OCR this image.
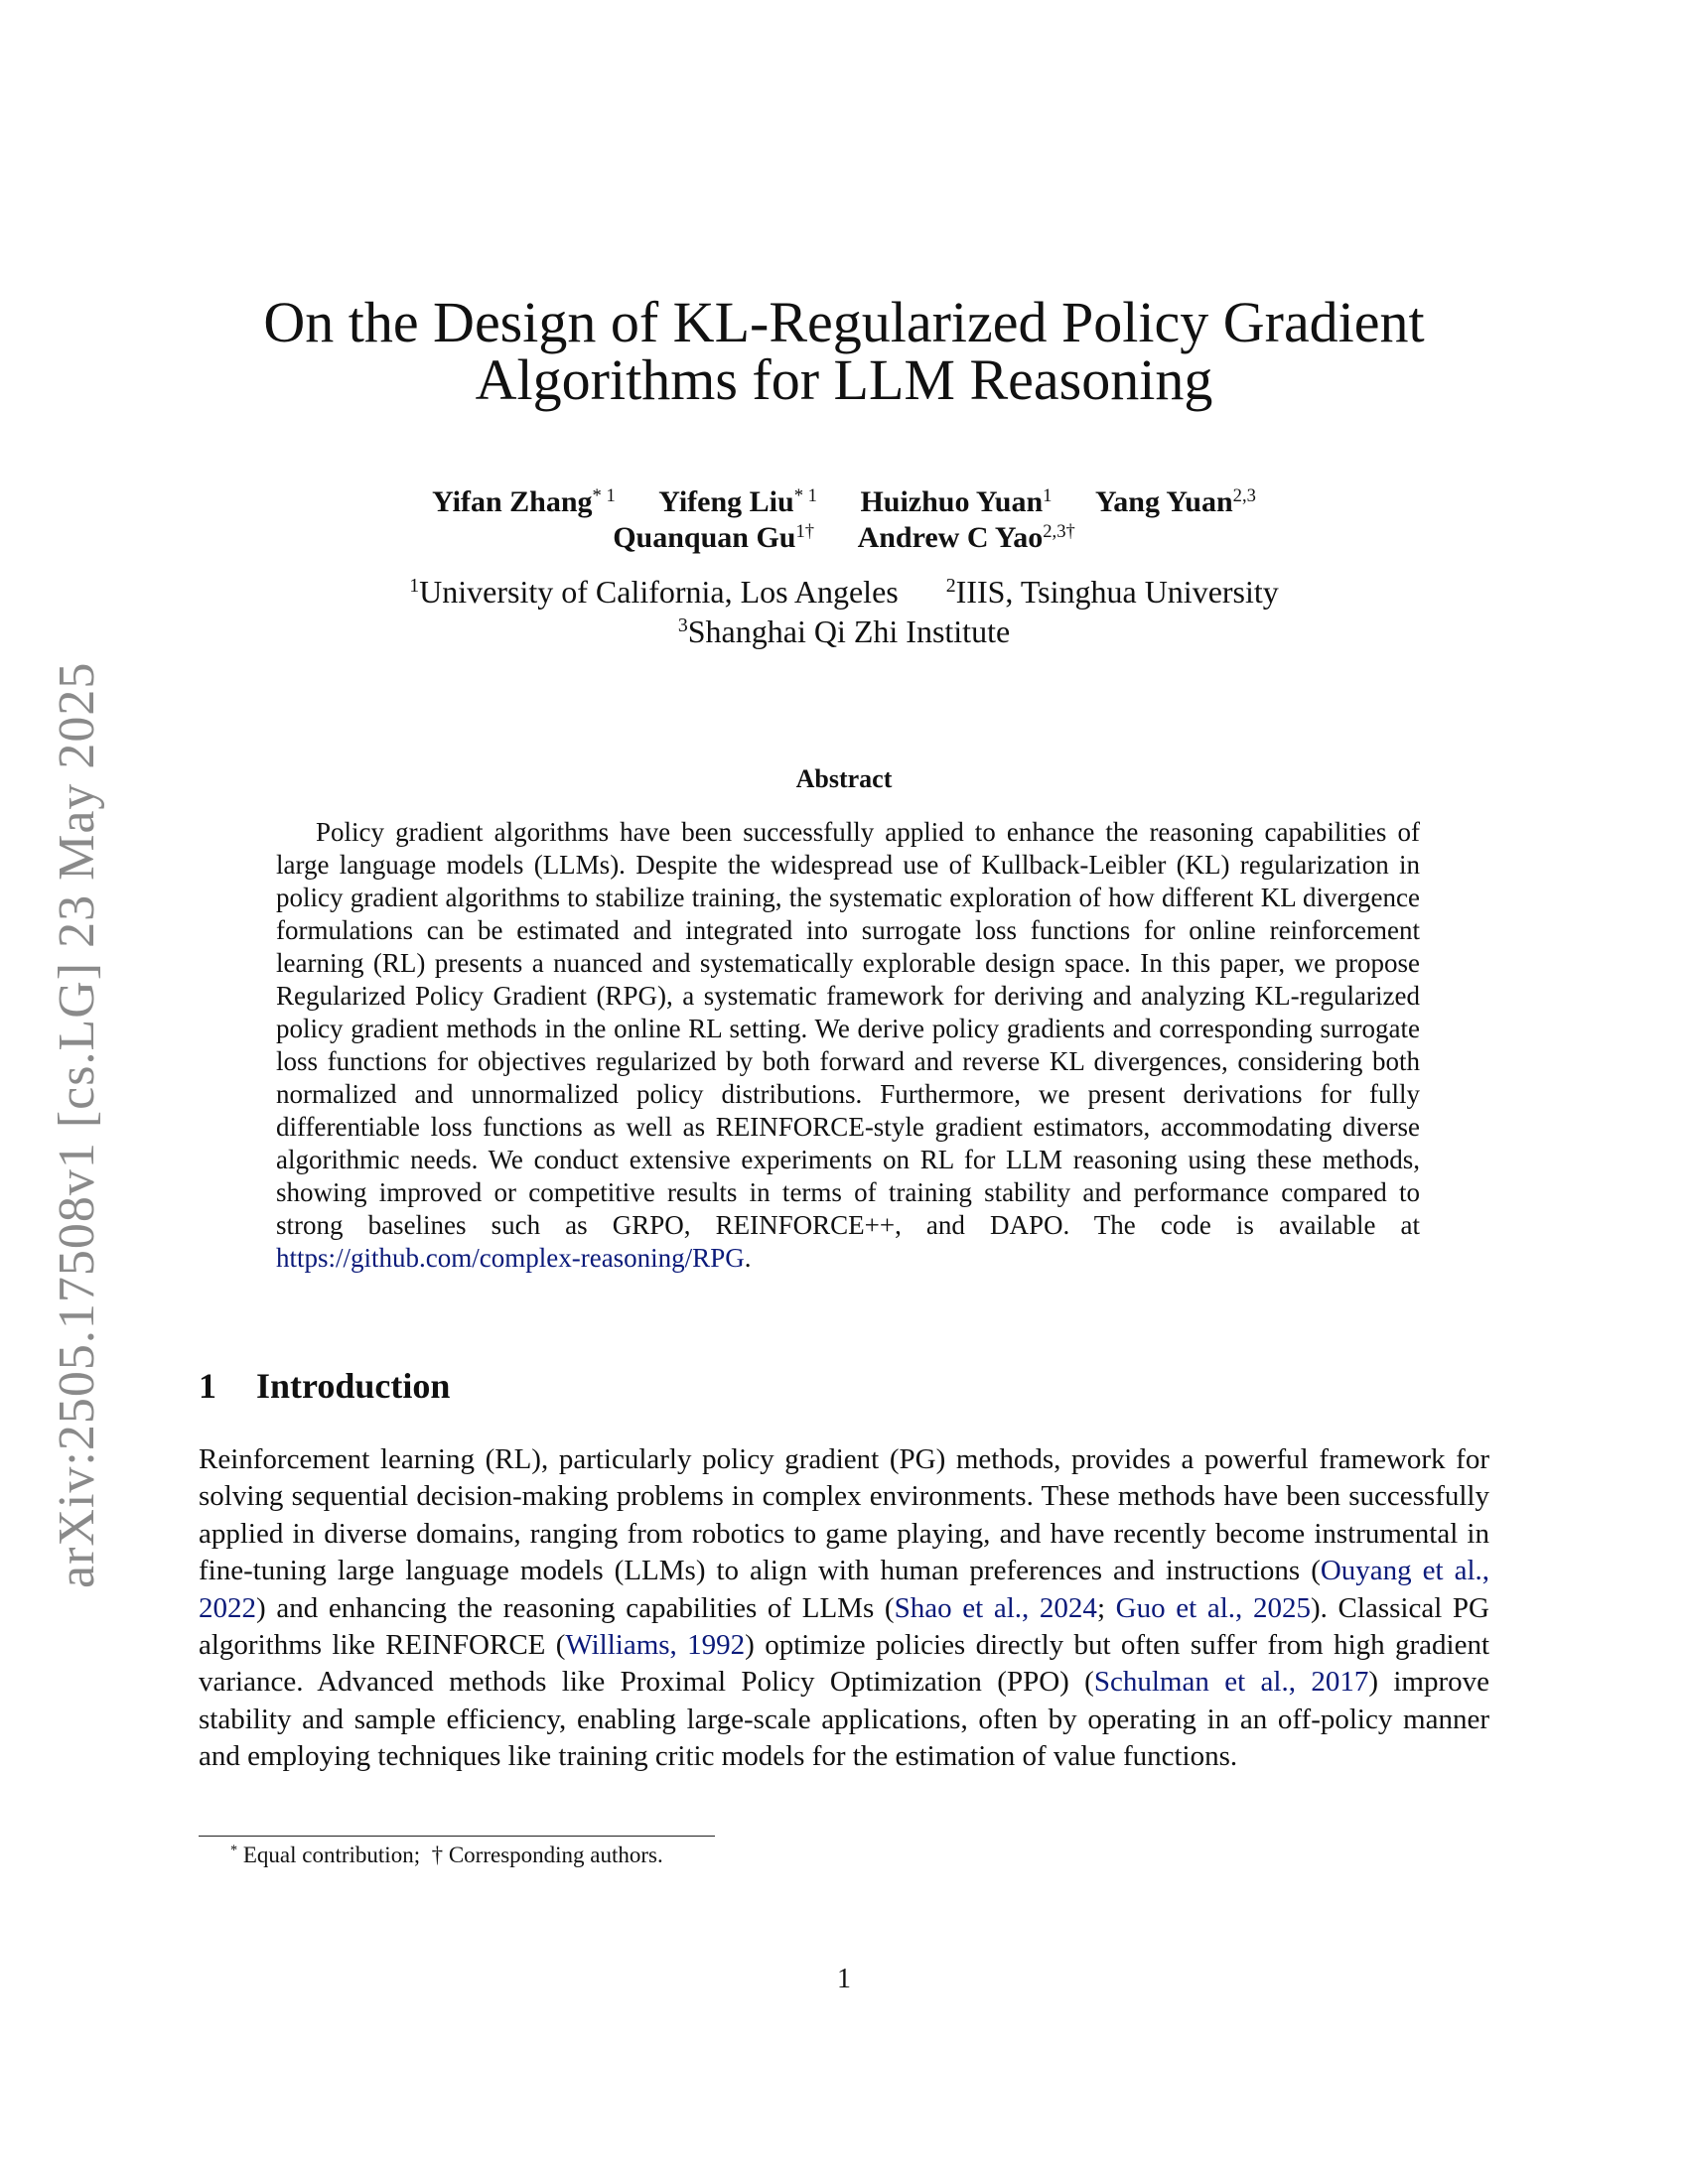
arXiv:2505.17508v1 [cs.LG] 23 May 2025
On the Design of KL-Regularized Policy Gradient
Algorithms for LLM Reasoning
Yifan Zhang$^{* 1}$ Yifeng Liu$^{* 1}$ Huizhuo Yuan$^1$ Yang Yuan$^{2,3}$
Quanquan $Gu^{1\dagger}$ Andrew C Yao$^{2,3\dagger}$
$^1$University of California, Los Angeles $^2$IIIS, Tsinghua University
$^3$Shanghai Qi Zhi Institute
Abstract

Policy gradient algorithms have been successfully applied to enhance the reasoning capabilities of large language models (LLMs). Despite the widespread use of Kullback-Leibler (KL) regularization in policy gradient algorithms to stabilize training, the systematic exploration of how different KL divergence formulations can be estimated and integrated into surrogate loss functions for online reinforcement learning (RL) presents a nuanced and systematically explorable design space. In this paper, we propose Regularized Policy Gradient (RPG), a systematic framework for deriving and analyzing KL-regularized policy gradient methods in the online RL setting. We derive policy gradients and corresponding surrogate loss functions for objectives regularized by both forward and reverse KL divergences, considering both normalized and unnormalized policy distributions. Furthermore, we present derivations for fully differentiable loss functions as well as REINFORCE-style gradient estimators, accommodating diverse algorithmic needs. We conduct extensive experiments on RL for LLM reasoning using these methods, showing improved or competitive results in terms of training stability and performance compared to strong baselines such as GRPO, REINFORCE++, and DAPO. The code is available at https://github.com/complex-reasoning/RPG.

1 Introduction

Reinforcement learning (RL), particularly policy gradient (PG) methods, provides a powerful framework for solving sequential decision-making problems in complex environments. These methods have been successfully applied in diverse domains, ranging from robotics to game playing, and have recently become instrumental in fine-tuning large language models (LLMs) to align with human preferences and instructions (Ouyang et al., 2022) and enhancing the reasoning capabilities of LLMs (Shao et al., 2024; Guo et al., 2025). Classical PG algorithms like REINFORCE (Williams, 1992) optimize policies directly but often suffer from high gradient variance. Advanced methods like Proximal Policy Optimization (PPO) (Schulman et al., 2017) improve stability and sample efficiency, enabling large-scale applications, often by operating in an off-policy manner and employing techniques like training critic models for the estimation of value functions.

* Equal contribution; † Corresponding authors.
1
